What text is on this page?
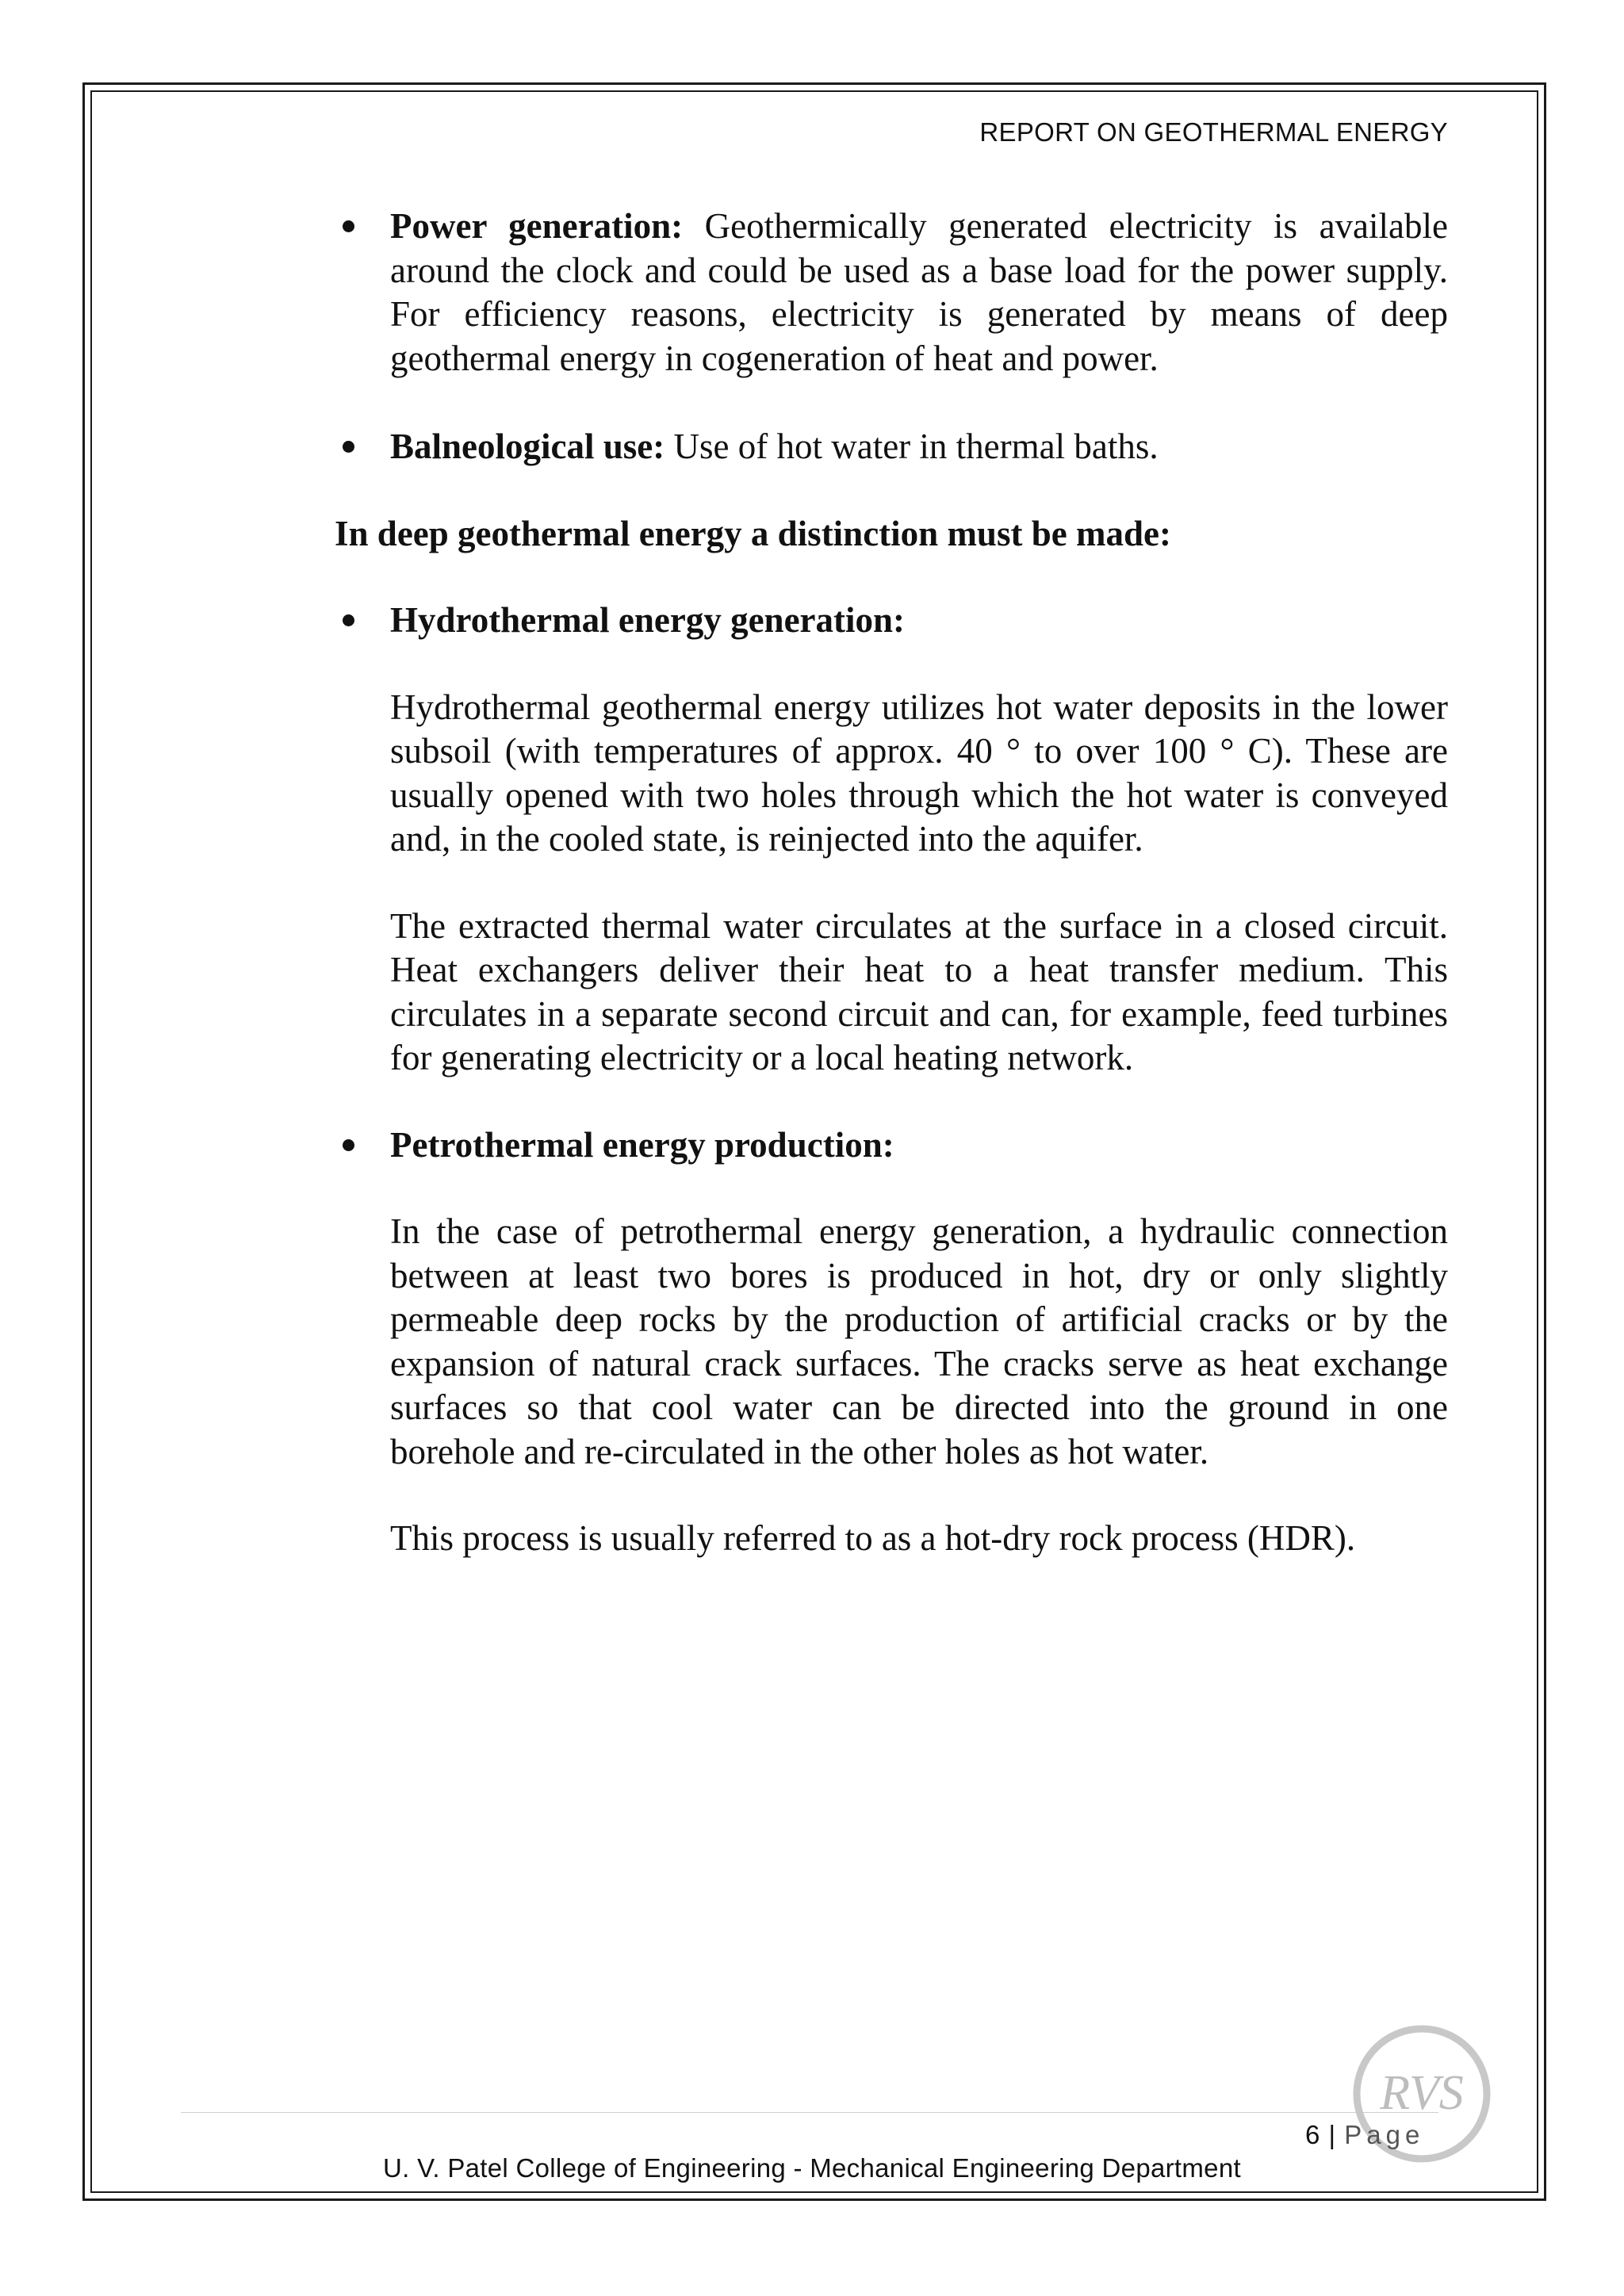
REPORT ON GEOTHERMAL ENERGY
Power generation: Geothermically generated electricity is available around the clock and could be used as a base load for the power supply. For efficiency reasons, electricity is generated by means of deep geothermal energy in cogeneration of heat and power.
Balneological use: Use of hot water in thermal baths.
In deep geothermal energy a distinction must be made:
Hydrothermal energy generation:
Hydrothermal geothermal energy utilizes hot water deposits in the lower subsoil (with temperatures of approx. 40 ° to over 100 ° C). These are usually opened with two holes through which the hot water is conveyed and, in the cooled state, is reinjected into the aquifer.
The extracted thermal water circulates at the surface in a closed circuit. Heat exchangers deliver their heat to a heat transfer medium. This circulates in a separate second circuit and can, for example, feed turbines for generating electricity or a local heating network.
Petrothermal energy production:
In the case of petrothermal energy generation, a hydraulic connection between at least two bores is produced in hot, dry or only slightly permeable deep rocks by the production of artificial cracks or by the expansion of natural crack surfaces. The cracks serve as heat exchange surfaces so that cool water can be directed into the ground in one borehole and re-circulated in the other holes as hot water.
This process is usually referred to as a hot-dry rock process (HDR).
RVS
6 | Page
U. V. Patel College of Engineering - Mechanical Engineering Department
